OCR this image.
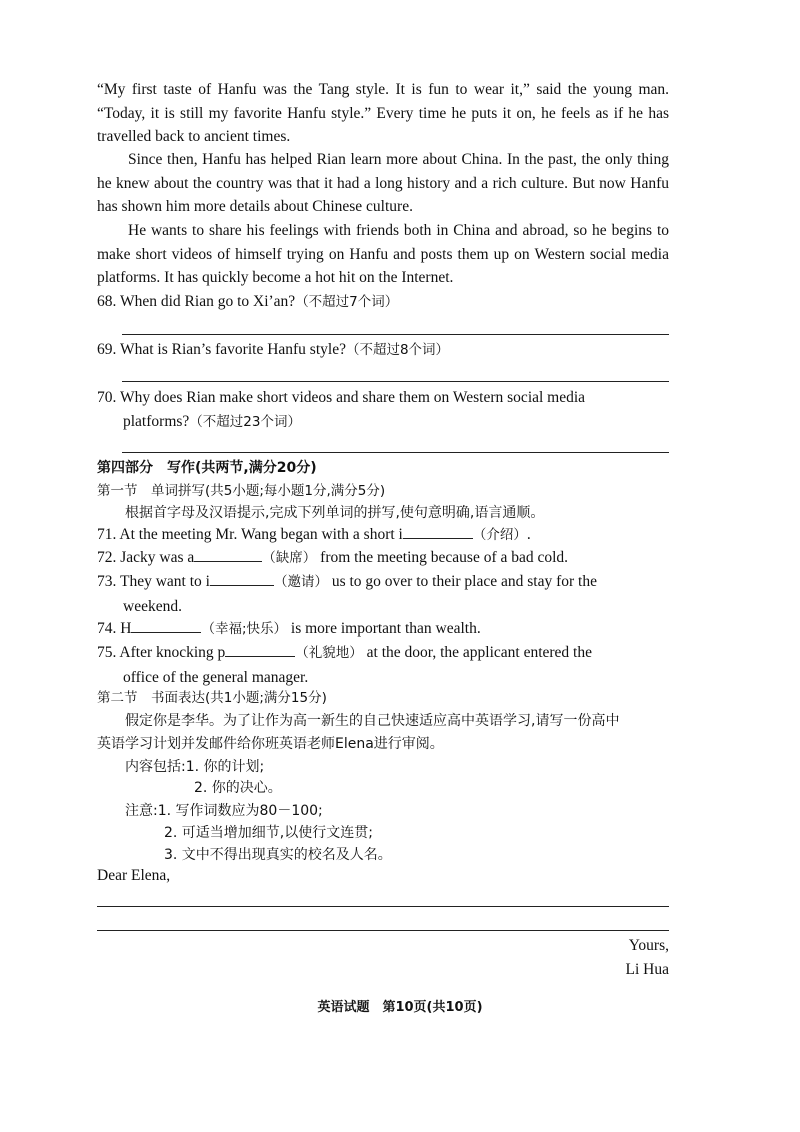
“My first taste of Hanfu was the Tang style. It is fun to wear it,” said the young man. “Today, it is still my favorite Hanfu style.” Every time he puts it on, he feels as if he has travelled back to ancient times.

Since then, Hanfu has helped Rian learn more about China. In the past, the only thing he knew about the country was that it had a long history and a rich culture. But now Hanfu has shown him more details about Chinese culture.

He wants to share his feelings with friends both in China and abroad, so he begins to make short videos of himself trying on Hanfu and posts them up on Western social media platforms. It has quickly become a hot hit on the Internet.

68. When did Rian go to Xi’an?（不超过7个词）

69. What is Rian’s favorite Hanfu style?（不超过8个词）

70. Why does Rian make short videos and share them on Western social media
platforms?（不超过23个词）

第四部分　写作(共两节,满分20分)

第一节　单词拼写(共5小题;每小题1分,满分5分)

根据首字母及汉语提示,完成下列单词的拼写,使句意明确,语言通顺。

71. At the meeting Mr. Wang began with a short i	（介绍）.

72. Jacky was a	（缺席） from the meeting because of a bad cold.

73. They want to i	（邀请） us to go over to their place and stay for the
weekend.

74. H	（幸福;快乐） is more important than wealth.

75. After knocking p	（礼貌地） at the door, the applicant entered the
office of the general manager.

第二节　书面表达(共1小题;满分15分)

假定你是李华。为了让作为高一新生的自己快速适应高中英语学习,请写一份高中

英语学习计划并发邮件给你班英语老师Elena进行审阅。

内容包括:1. 你的计划;

2. 你的决心。

注意:1. 写作词数应为80－100;

2. 可适当增加细节,以使行文连贯;

3. 文中不得出现真实的校名及人名。

Dear Elena,

Yours,
Li Hua
英语试题　第10页(共10页)
